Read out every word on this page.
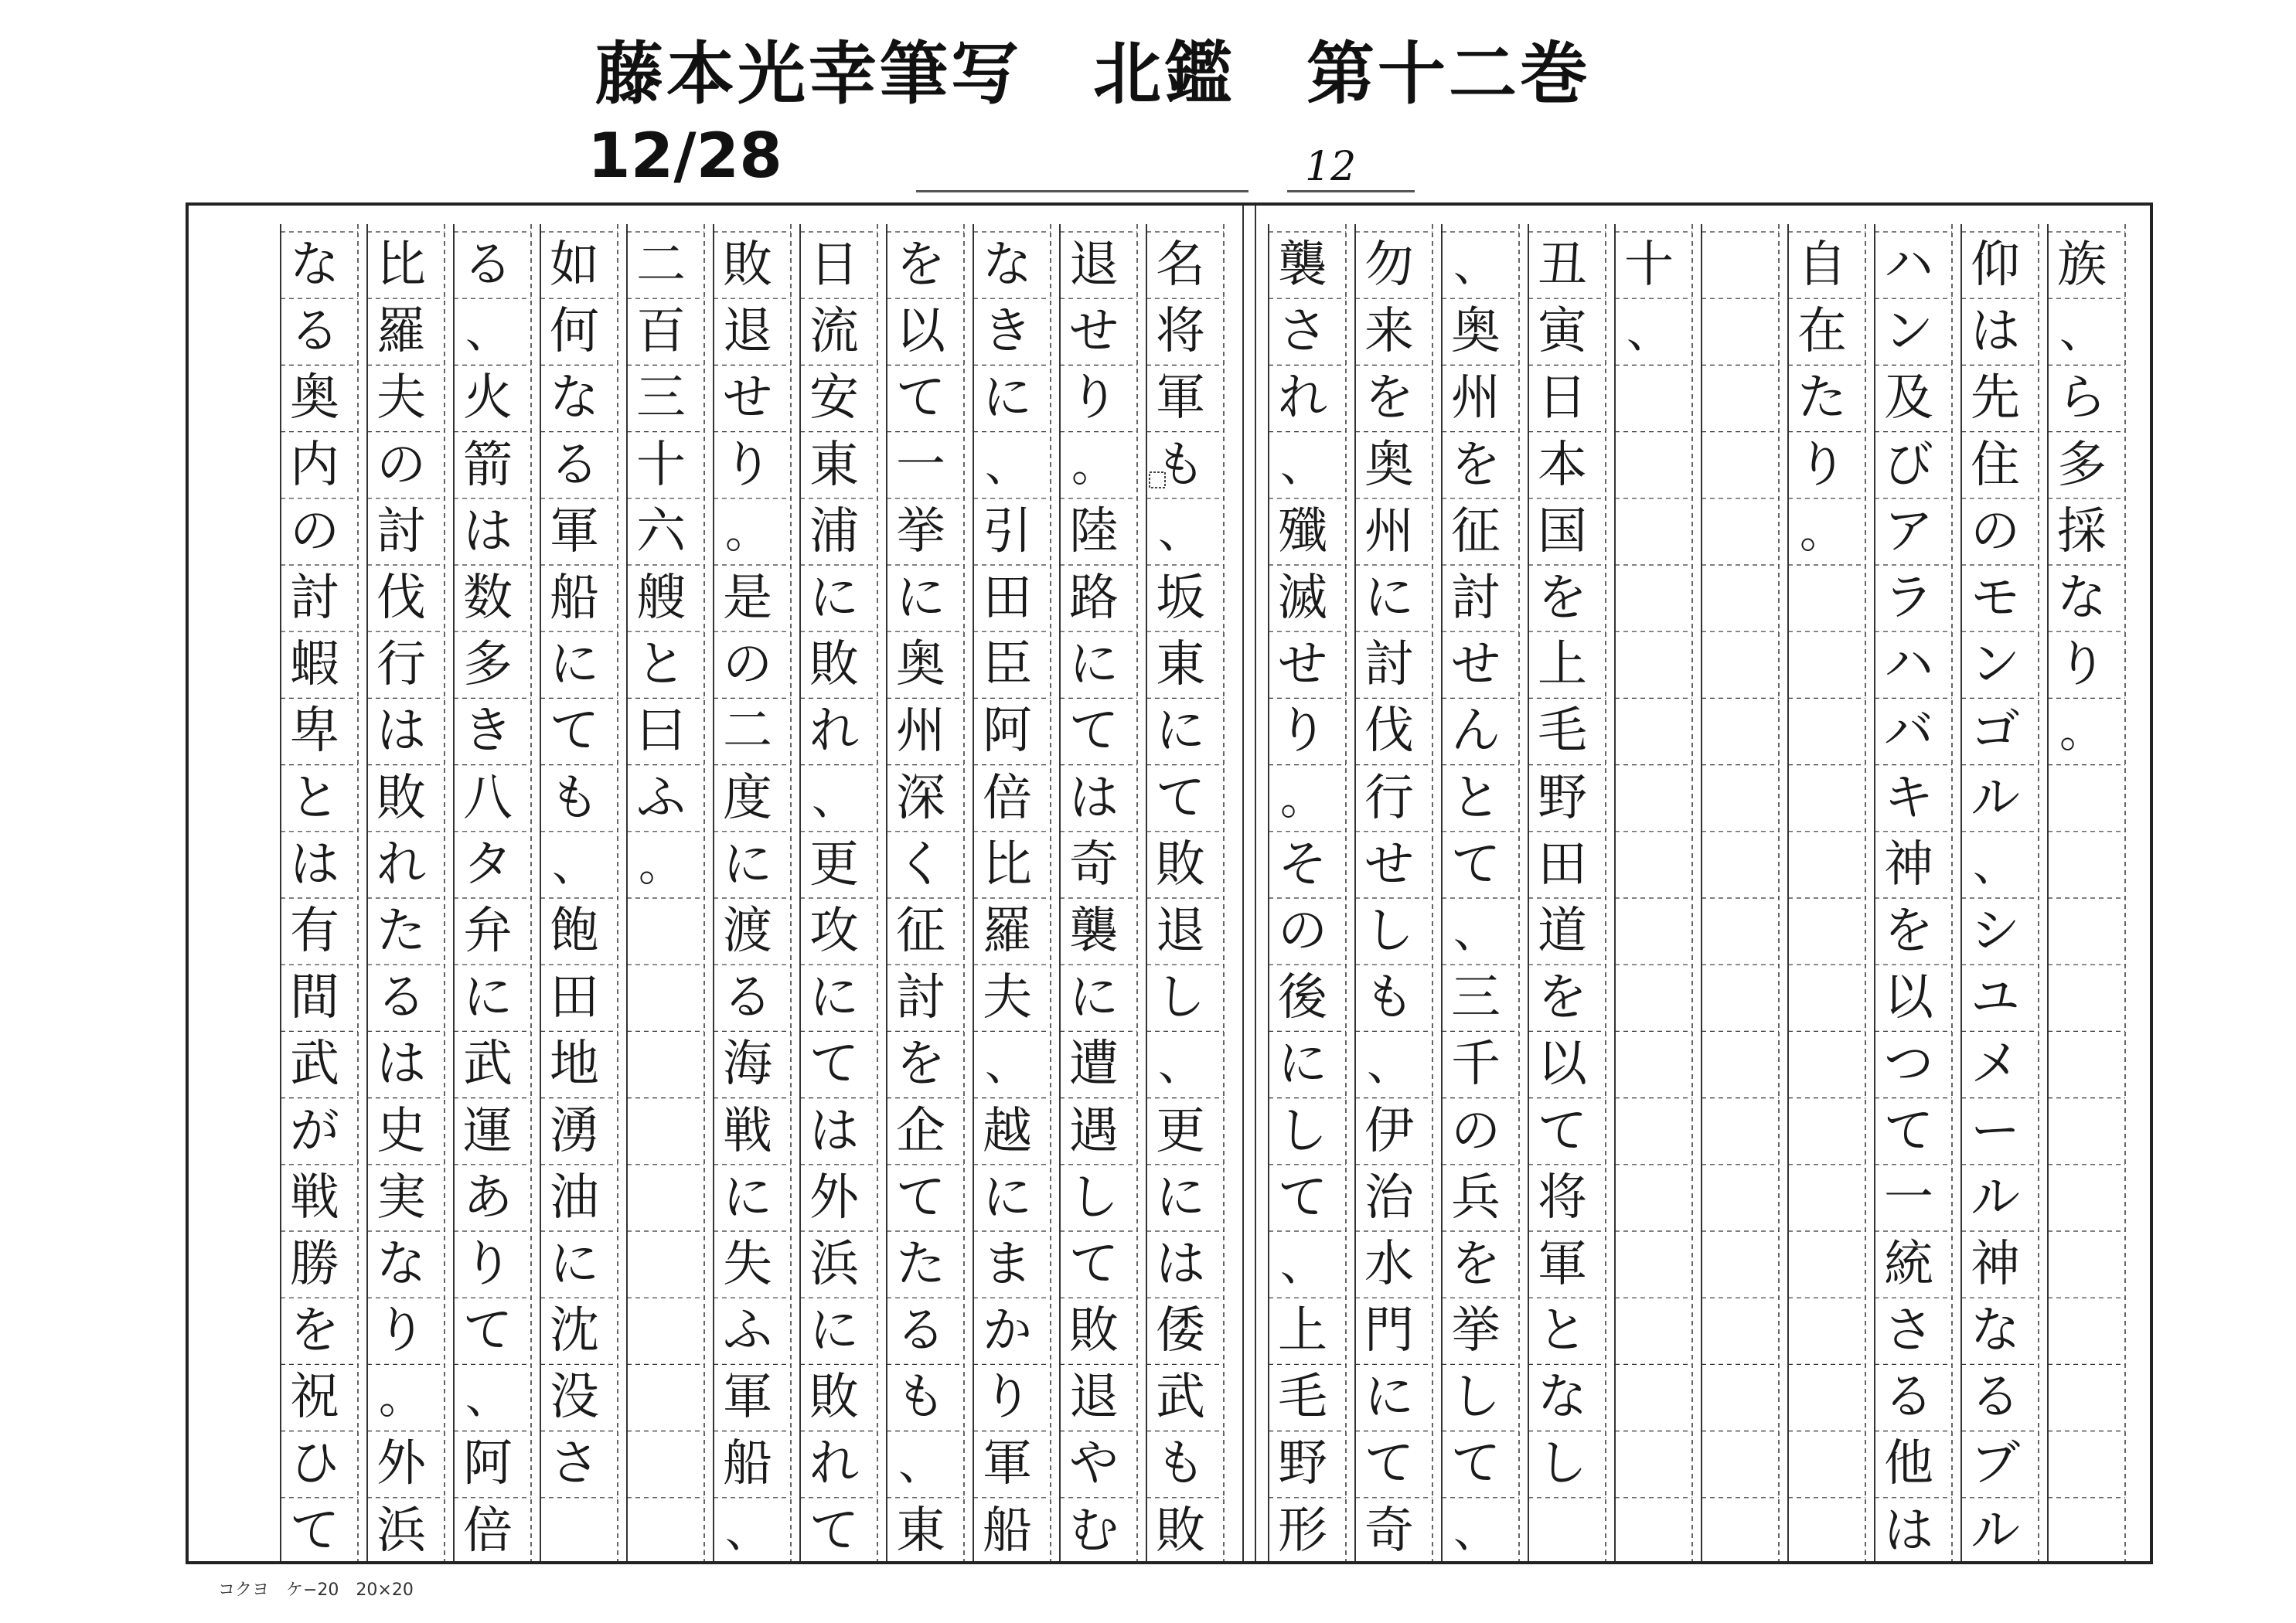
藤本光幸筆写　北鑑　第十二巻
12/28	12
族
、
ら
多
採
な
り
。
仰
は
先
住
の
モ
ン
ゴ
ル
、
シ
ユ
メ
ー
ル
神
な
る
ブ
ル
ハ
ン
及
び
ア
ラ
ハ
バ
キ
神
を
以
つ
て
一
統
さ
る
他
は
自
在
た
り
。
十
、
丑
寅
日
本
国
を
上
毛
野
田
道
を
以
て
将
軍
と
な
し
、
奥
州
を
征
討
せ
ん
と
て
、
三
千
の
兵
を
挙
し
て
、
勿
来
を
奥
州
に
討
伐
行
せ
し
も
、
伊
治
水
門
に
て
奇
襲
さ
れ
、
殲
滅
せ
り
。
そ
の
後
に
し
て
、
上
毛
野
形
名
将
軍
も
、
坂
東
に
て
敗
退
し
、
更
に
は
倭
武
も
敗
退
せ
り
。
陸
路
に
て
は
奇
襲
に
遭
遇
し
て
敗
退
や
む
な
き
に
、
引
田
臣
阿
倍
比
羅
夫
、
越
に
ま
か
り
軍
船
を
以
て
一
挙
に
奥
州
深
く
征
討
を
企
て
た
る
も
、
東
日
流
安
東
浦
に
敗
れ
、
更
攻
に
て
は
外
浜
に
敗
れ
て
敗
退
せ
り
。
是
の
二
度
に
渡
る
海
戦
に
失
ふ
軍
船
、
二
百
三
十
六
艘
と
曰
ふ
。
如
何
な
る
軍
船
に
て
も
、
飽
田
地
湧
油
に
沈
没
さ
る
、
火
箭
は
数
多
き
八
タ
弁
に
武
運
あ
り
て
、
阿
倍
比
羅
夫
の
討
伐
行
は
敗
れ
た
る
は
史
実
な
り
。
外
浜
な
る
奥
内
の
討
蝦
卑
と
は
有
間
武
が
戦
勝
を
祝
ひ
て
コクヨ　ケ−20　20×20
